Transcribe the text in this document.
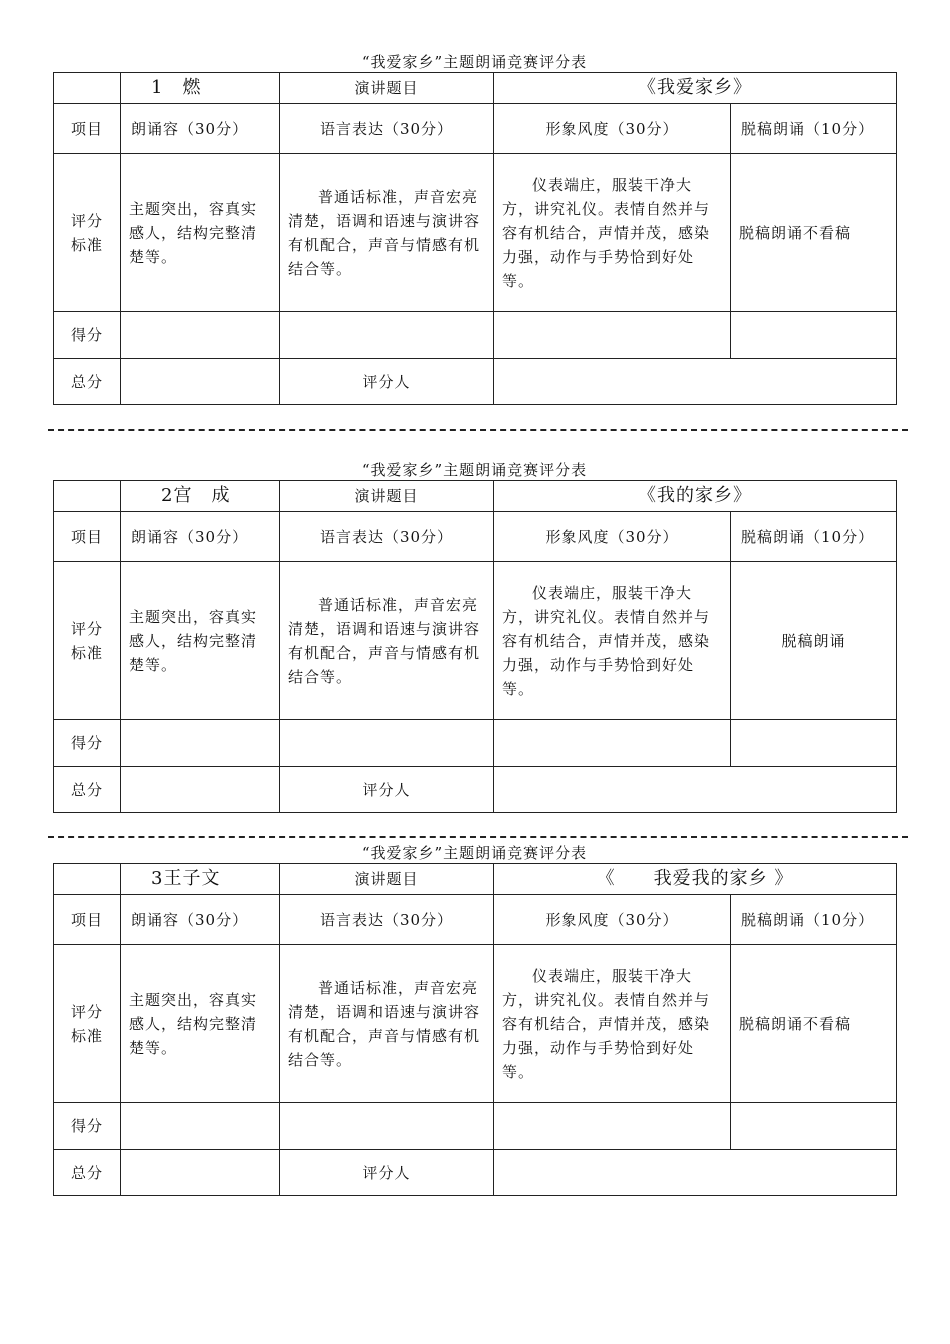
“我爱家乡”主题朗诵竞赛评分表
	1　燃	演讲题目	《我爱家乡》	
项目	朗诵容（30分）	语言表达（30分）	形象风度（30分）	脱稿朗诵（10分）
评分标准	主题突出，容真实感人，结构完整清楚等。	普通话标准，声音宏亮清楚，语调和语速与演讲容有机配合，声音与情感有机结合等。	仪表端庄，服装干净大方，讲究礼仪。表情自然并与容有机结合，声情并茂，感染力强，动作与手势恰到好处等。	脱稿朗诵不看稿
得分				
总分		评分人		
“我爱家乡”主题朗诵竞赛评分表
	2宫　成	演讲题目	《我的家乡》	
项目	朗诵容（30分）	语言表达（30分）	形象风度（30分）	脱稿朗诵（10分）
评分标准	主题突出，容真实感人，结构完整清楚等。	普通话标准，声音宏亮清楚，语调和语速与演讲容有机配合，声音与情感有机结合等。	仪表端庄，服装干净大方，讲究礼仪。表情自然并与容有机结合，声情并茂，感染力强，动作与手势恰到好处等。	脱稿朗诵
得分				
总分		评分人		
“我爱家乡”主题朗诵竞赛评分表
	3王子文	演讲题目	《　　我爱我的家乡 》	
项目	朗诵容（30分）	语言表达（30分）	形象风度（30分）	脱稿朗诵（10分）
评分标准	主题突出，容真实感人，结构完整清楚等。	普通话标准，声音宏亮清楚，语调和语速与演讲容有机配合，声音与情感有机结合等。	仪表端庄，服装干净大方，讲究礼仪。表情自然并与容有机结合，声情并茂，感染力强，动作与手势恰到好处等。	脱稿朗诵不看稿
得分				
总分		评分人		
